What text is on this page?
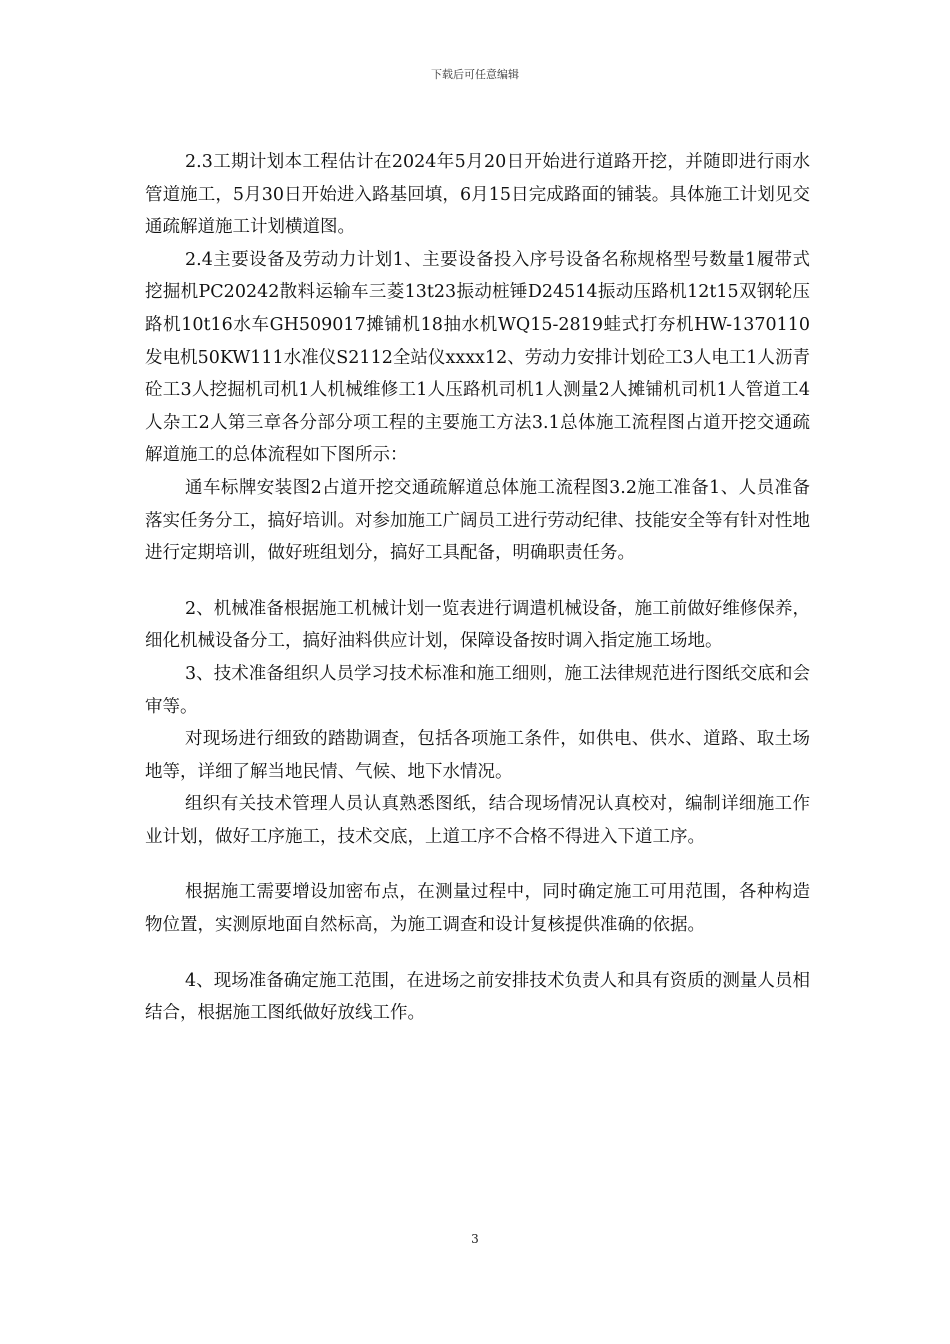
下载后可任意编辑

2.3工期计划本工程估计在2024年5月20日开始进行道路开挖，并随即进行雨水管道施工，5月30日开始进入路基回填，6月15日完成路面的铺装。具体施工计划见交通疏解道施工计划横道图。

2.4主要设备及劳动力计划1、主要设备投入序号设备名称规格型号数量1履带式挖掘机PC20242散料运输车三菱13t23振动桩锤D24514振动压路机12t15双钢轮压路机10t16水车GH509017摊铺机18抽水机WQ15-2819蛙式打夯机HW-1370110发电机50KW111水准仪S2112全站仪xxxx12、劳动力安排计划砼工3人电工1人沥青砼工3人挖掘机司机1人机械维修工1人压路机司机1人测量2人摊铺机司机1人管道工4人杂工2人第三章各分部分项工程的主要施工方法3.1总体施工流程图占道开挖交通疏解道施工的总体流程如下图所示：

通车标牌安装图2占道开挖交通疏解道总体施工流程图3.2施工准备1、人员准备落实任务分工，搞好培训。对参加施工广阔员工进行劳动纪律、技能安全等有针对性地进行定期培训，做好班组划分，搞好工具配备，明确职责任务。

2、机械准备根据施工机械计划一览表进行调遣机械设备，施工前做好维修保养，细化机械设备分工，搞好油料供应计划，保障设备按时调入指定施工场地。

3、技术准备组织人员学习技术标准和施工细则，施工法律规范进行图纸交底和会审等。

对现场进行细致的踏勘调查，包括各项施工条件，如供电、供水、道路、取土场地等，详细了解当地民情、气候、地下水情况。

组织有关技术管理人员认真熟悉图纸，结合现场情况认真校对，编制详细施工作业计划，做好工序施工，技术交底，上道工序不合格不得进入下道工序。

根据施工需要增设加密布点，在测量过程中，同时确定施工可用范围，各种构造物位置，实测原地面自然标高，为施工调查和设计复核提供准确的依据。

4、现场准备确定施工范围，在进场之前安排技术负责人和具有资质的测量人员相结合，根据施工图纸做好放线工作。

3
